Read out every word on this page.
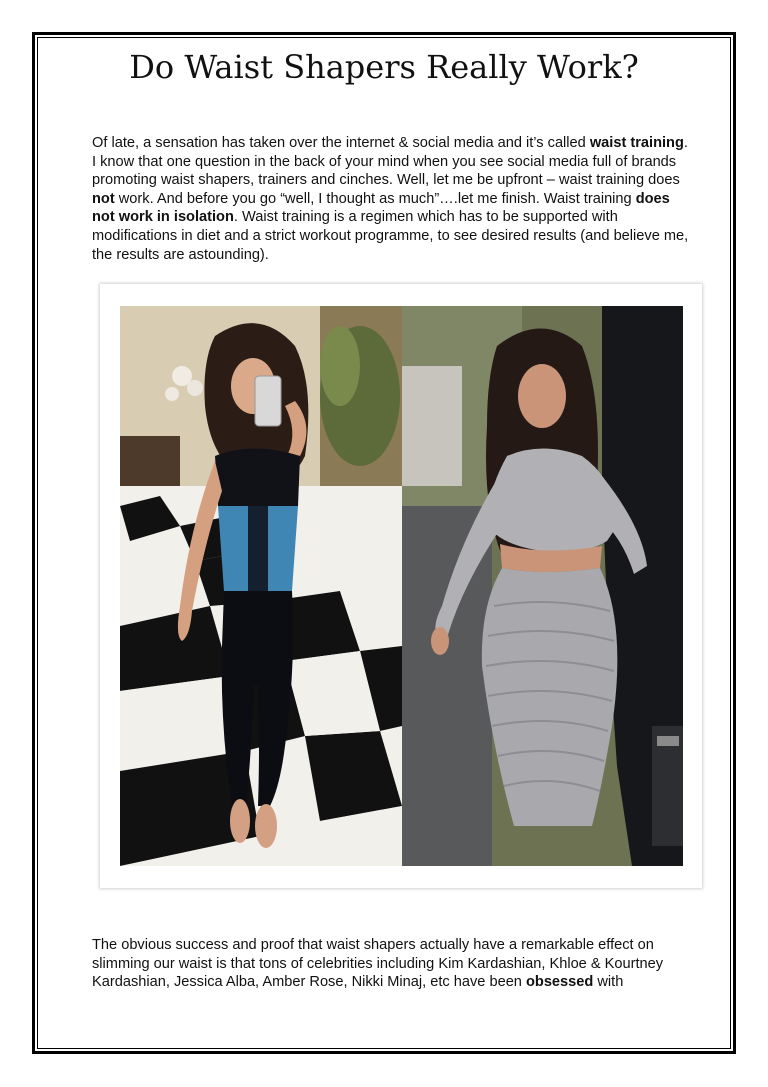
Do Waist Shapers Really Work?

Of late, a sensation has taken over the internet & social media and it’s called waist training. I know that one question in the back of your mind when you see social media full of brands promoting waist shapers, trainers and cinches. Well, let me be upfront – waist training does not work. And before you go “well, I thought as much”….let me finish. Waist training does not work in isolation. Waist training is a regimen which has to be supported with modifications in diet and a strict workout programme, to see desired results (and believe me, the results are astounding).

The obvious success and proof that waist shapers actually have a remarkable effect on slimming our waist is that tons of celebrities including Kim Kardashian, Khloe & Kourtney Kardashian, Jessica Alba, Amber Rose, Nikki Minaj, etc have been obsessed with
